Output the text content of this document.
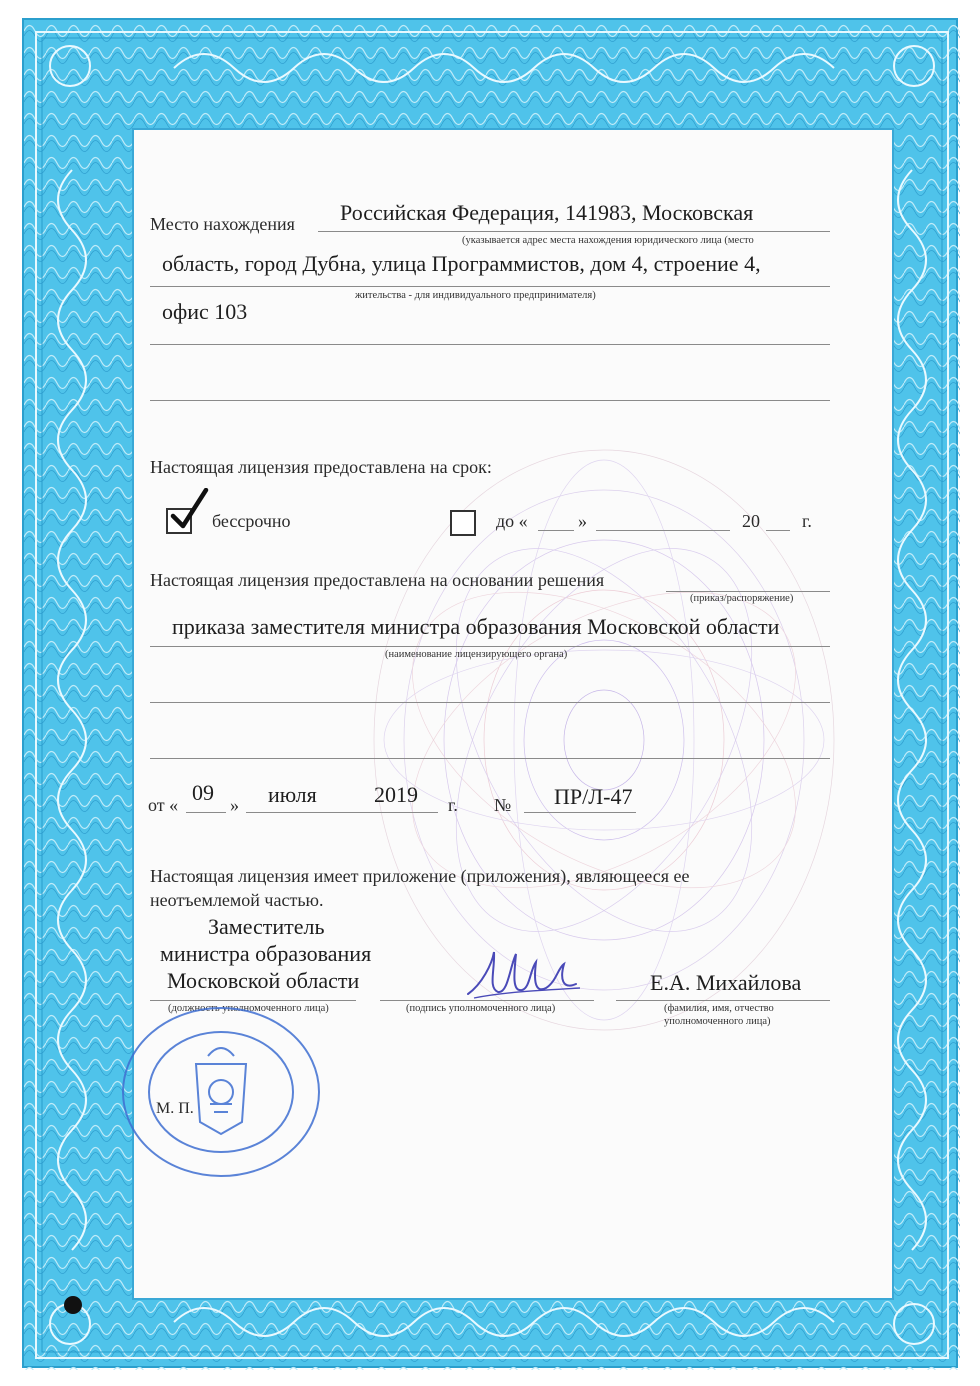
Место нахождения Российская Федерация, 141983, Московская
(указывается адрес места нахождения юридического лица (место
область, город Дубна, улица Программистов, дом 4, строение 4,
жительства - для индивидуального предпринимателя)
офис 103
Настоящая лицензия предоставлена на срок:
бессрочно	до «	»	20 г.
Настоящая лицензия предоставлена на основании решения
(приказ/распоряжение)
приказа заместителя министра образования Московской области
(наименование лицензирующего органа)
от « 09 » июля	2019 г. № ПР/Л-47
Настоящая лицензия имеет приложение (приложения), являющееся ее
неотъемлемой частью.
Заместитель
министра образования
Московской области
(должность уполномоченного лица)	(подпись уполномоченного лица)
Е.А. Михайлова
(фамилия, имя, отчество
уполномоченного лица)
М. П.
